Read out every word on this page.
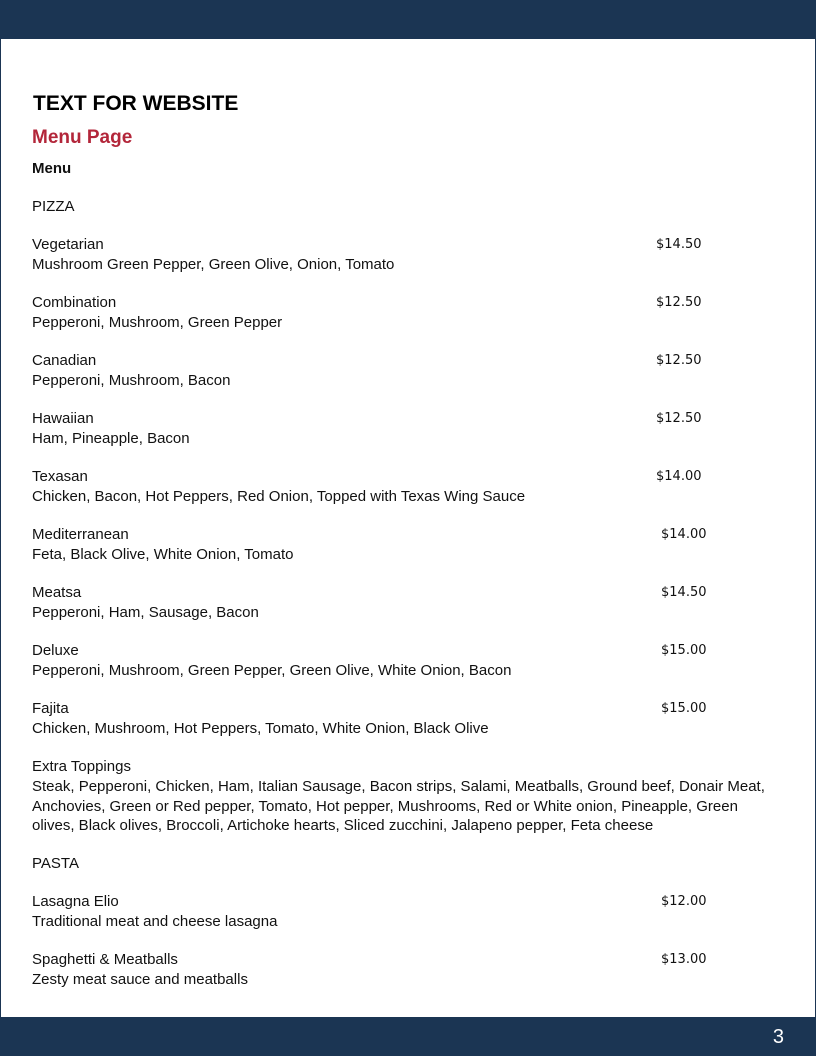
TEXT FOR WEBSITE
Menu Page
Menu
PIZZA
Vegetarian	$14.50
Mushroom Green Pepper, Green Olive, Onion, Tomato
Combination	$12.50
Pepperoni, Mushroom, Green Pepper
Canadian	$12.50
Pepperoni, Mushroom, Bacon
Hawaiian	$12.50
Ham, Pineapple, Bacon
Texasan	$14.00
Chicken, Bacon, Hot Peppers, Red Onion, Topped with Texas Wing Sauce
Mediterranean	$14.00
Feta, Black Olive, White Onion, Tomato
Meatsa	$14.50
Pepperoni, Ham, Sausage, Bacon
Deluxe	$15.00
Pepperoni, Mushroom, Green Pepper, Green Olive, White Onion, Bacon
Fajita	$15.00
Chicken, Mushroom, Hot Peppers, Tomato, White Onion, Black Olive
Extra Toppings
Steak, Pepperoni, Chicken, Ham, Italian Sausage, Bacon strips, Salami, Meatballs, Ground beef, Donair Meat, Anchovies, Green or Red pepper, Tomato, Hot pepper, Mushrooms, Red or White onion, Pineapple, Green olives, Black olives, Broccoli, Artichoke hearts, Sliced zucchini, Jalapeno pepper, Feta cheese
PASTA
Lasagna Elio	$12.00
Traditional meat and cheese lasagna
Spaghetti & Meatballs	$13.00
Zesty meat sauce and meatballs
3
